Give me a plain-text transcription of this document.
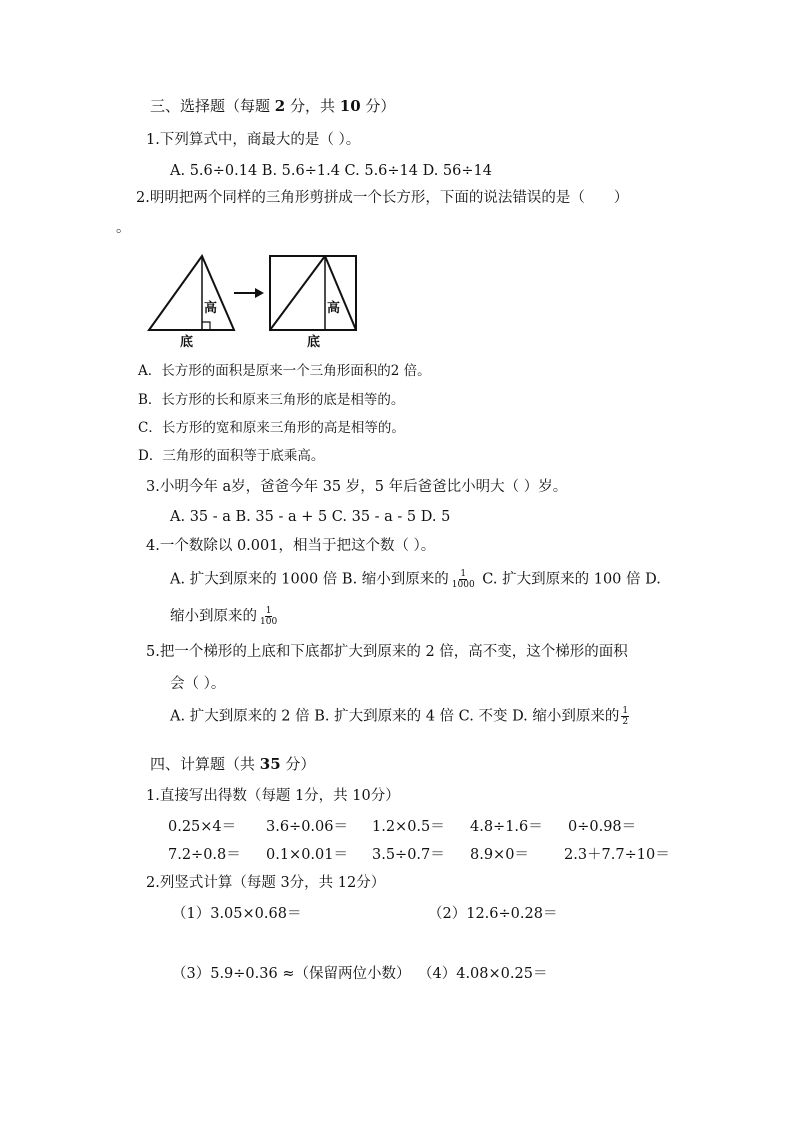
三、选择题（每题 2 分，共 10 分）
1.下列算式中，商最大的是（ ）。
A. 5.6÷0.14 B. 5.6÷1.4 C. 5.6÷14 D. 56÷14
2.明明把两个同样的三角形剪拼成一个长方形，下面的说法错误的是（　　）
。
高
底
高
底
A．长方形的面积是原来一个三角形面积的2 倍。
B．长方形的长和原来三角形的底是相等的。
C．长方形的宽和原来三角形的高是相等的。
D．三角形的面积等于底乘高。
3.小明今年 a岁，爸爸今年 35 岁，5 年后爸爸比小明大（ ）岁。
A. 35 - a B. 35 - a + 5 C. 35 - a - 5 D. 5
4.一个数除以 0.001，相当于把这个数（ ）。
A. 扩大到原来的 1000 倍 B. 缩小到原来的 $\frac{1}{1000} C$. 扩大到原来的 100 倍 D.
缩小到原来的 $\frac{1}{100}$
5.把一个梯形的上底和下底都扩大到原来的 2 倍，高不变，这个梯形的面积
会（ ）。
A. 扩大到原来的 2 倍 B. 扩大到原来的 4 倍 C. 不变 D. 缩小到原来的 $\frac{1}{2}$
四、计算题（共 35 分）
1.直接写出得数（每题 1分，共 10分）
0.25×4＝ 3.6÷0.06＝ 1.2×0.5＝ 4.8÷1.6＝ 0÷0.98＝
7.2÷0.8＝ 0.1×0.01＝ 3.5÷0.7＝ 8.9×0＝ 2.3＋7.7÷10＝
2.列竖式计算（每题 3分，共 12分）
（1）3.05×0.68＝	（2）12.6÷0.28＝
（3）5.9÷0.36 ≈（保留两位小数） （4）4.08×0.25＝
